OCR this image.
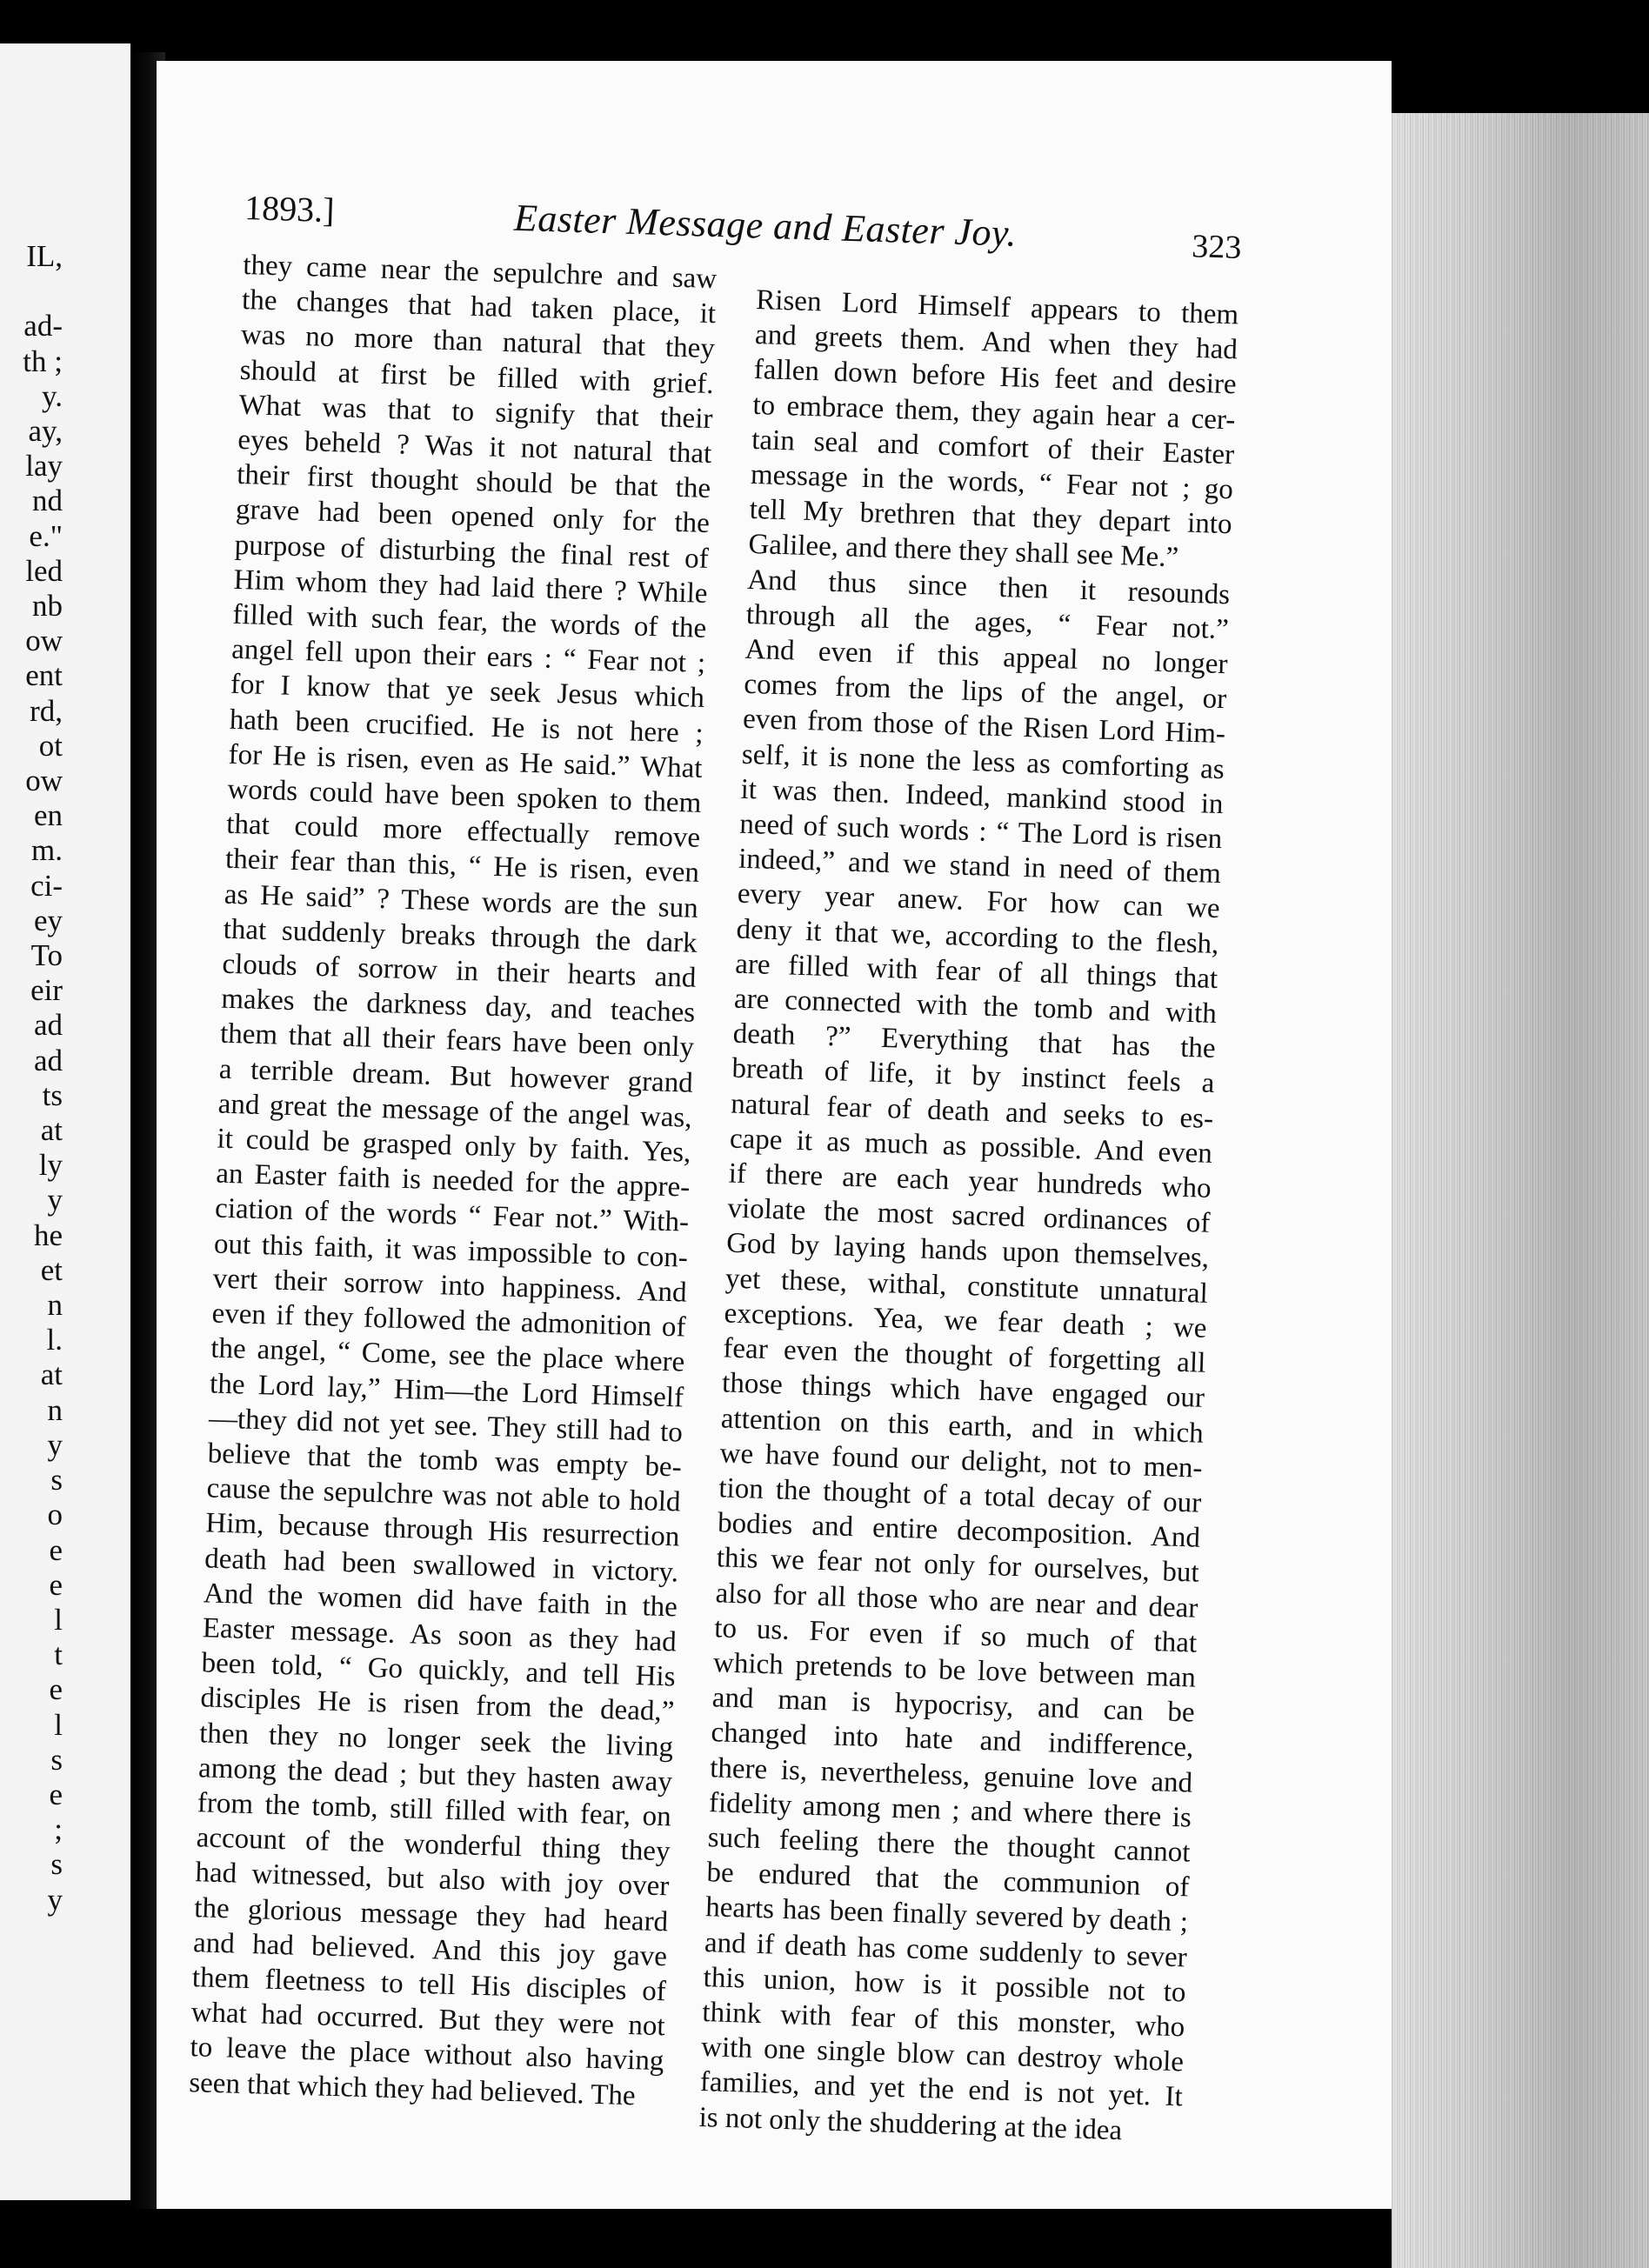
IL,
ad-
th ;
y.
ay,
lay
nd
e."
led
nb
ow
ent
rd,
ot
ow
en
m.
ci-
ey
To
eir
ad
ad
ts
at
ly
y
he
et
n
l.
at
n
y
s
o
e
e
l
t
e
l
s
e
;
s
y
1893.]	Easter Message and Easter Joy.	323

they came near the sepulchre and saw

the changes that had taken place, it

was no more than natural that they

should at first be filled with grief.

What was that to signify that their

eyes beheld ? Was it not natural that

their first thought should be that the

grave had been opened only for the

purpose of disturbing the final rest of

Him whom they had laid there ? While

filled with such fear, the words of the

angel fell upon their ears : “ Fear not ;

for I know that ye seek Jesus which

hath been crucified. He is not here ;

for He is risen, even as He said.” What

words could have been spoken to them

that could more effectually remove

their fear than this, “ He is risen, even

as He said” ? These words are the sun

that suddenly breaks through the dark

clouds of sorrow in their hearts and

makes the darkness day, and teaches

them that all their fears have been only

a terrible dream. But however grand

and great the message of the angel was,

it could be grasped only by faith. Yes,

an Easter faith is needed for the appre-

ciation of the words “ Fear not.” With-

out this faith, it was impossible to con-

vert their sorrow into happiness. And

even if they followed the admonition of

the angel, “ Come, see the place where

the Lord lay,” Him—the Lord Himself

—they did not yet see. They still had to

believe that the tomb was empty be-

cause the sepulchre was not able to hold

Him, because through His resurrection

death had been swallowed in victory.

And the women did have faith in the

Easter message. As soon as they had

been told, “ Go quickly, and tell His

disciples He is risen from the dead,”

then they no longer seek the living

among the dead ; but they hasten away

from the tomb, still filled with fear, on

account of the wonderful thing they

had witnessed, but also with joy over

the glorious message they had heard

and had believed. And this joy gave

them fleetness to tell His disciples of

what had occurred. But they were not

to leave the place without also having

seen that which they had believed. The

Risen Lord Himself appears to them

and greets them. And when they had

fallen down before His feet and desire

to embrace them, they again hear a cer-

tain seal and comfort of their Easter

message in the words, “ Fear not ; go

tell My brethren that they depart into

Galilee, and there they shall see Me.”

And thus since then it resounds

through all the ages, “ Fear not.”

And even if this appeal no longer

comes from the lips of the angel, or

even from those of the Risen Lord Him-

self, it is none the less as comforting as

it was then. Indeed, mankind stood in

need of such words : “ The Lord is risen

indeed,” and we stand in need of them

every year anew. For how can we

deny it that we, according to the flesh,

are filled with fear of all things that

are connected with the tomb and with

death ?” Everything that has the

breath of life, it by instinct feels a

natural fear of death and seeks to es-

cape it as much as possible. And even

if there are each year hundreds who

violate the most sacred ordinances of

God by laying hands upon themselves,

yet these, withal, constitute unnatural

exceptions. Yea, we fear death ; we

fear even the thought of forgetting all

those things which have engaged our

attention on this earth, and in which

we have found our delight, not to men-

tion the thought of a total decay of our

bodies and entire decomposition. And

this we fear not only for ourselves, but

also for all those who are near and dear

to us. For even if so much of that

which pretends to be love between man

and man is hypocrisy, and can be

changed into hate and indifference,

there is, nevertheless, genuine love and

fidelity among men ; and where there is

such feeling there the thought cannot

be endured that the communion of

hearts has been finally severed by death ;

and if death has come suddenly to sever

this union, how is it possible not to

think with fear of this monster, who

with one single blow can destroy whole

families, and yet the end is not yet. It

is not only the shuddering at the idea
